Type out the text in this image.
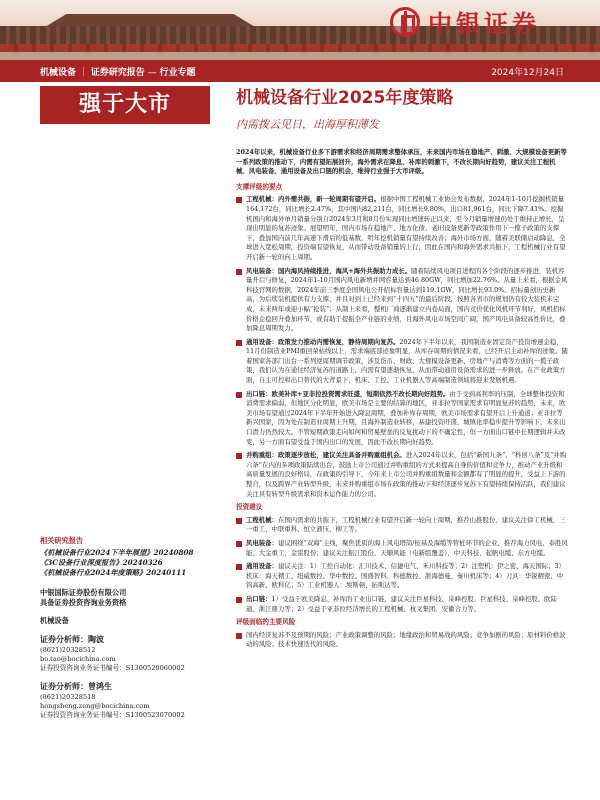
中银证券
机械设备 ｜ 证券研究报告 — 行业专题	2024年12月24日
强于大市	机械设备行业2025年度策略
内需拨云见日，出海厚积薄发

2024年以来，机械设备行业多下游需求和经济周期需求整体承压，未来国内市场在稳地产、刺激、大规模设备更新等一系列政策的推动下，内需有望拓展回升，海外需求在降息、补库的刺激下，不改长期向好趋势，建议关注工程机械、风电装备、通用设备及出口链的机会，维持行业强于大市评级。

支撑评级的要点

工程机械：内外需共振，新一轮周期有望开启。根据中国工程机械工业协会发布数据，2024年1-10月挖掘机销量164,172台，同比增长2.47%，其中国内82,211台，同比增长9.80%，出口81,961台，同比下降7.41%。挖掘机国内和海外单月销量分别自2024年3月和8月份实现同比增速转正以来，至今月销量增速仍处于维持正增长，呈现出明显的复苏迹象。展望明年，国内市场在稳地产、地方化债、老旧设备更新等政策作用下一揽子政策的支撑下，叠加国内前几年高速下滑后的低基数，明年挖机销量有望持续改善；海外市场方面，随着美联储启动降息，全球进入宽松周期，投资端有望恢复，从而带动设备销量的上行，因此在国内和海外需求共振下，工程机械行业有望开启新一轮的向上周期。

风电装备：国内海风持续推进，海风+海外共振助力成长。随着陆续风电项目进程的各个阶段的逐步推进，装机容量开启与修复，2024年1-10月国内风电新增并网容量达到46.80GW，同比增加22.76%。从量上来看，根据金风科技官网的数据，2024年前三季度全国风电公开招标容量达到119.1GW，同比增长93.0%。招标量创历史新高，为后续装机提供有力支撑，并且对到上已经来到“十四五”的最后阶段，按照各省市的规划仍有较大装机未完成，未来两年或迎小幅“抢装”；从制上来看，整机厂商逐渐建立内卷局面，国内竞价优化风机环节利好，风机招标价格企稳回升叠加环节，或有助于提振全产业链的业绩，且海外风电市场空间广阔，国产风电具备较高性价比，叠加降息周期发力。

通用设备：政策发力推动内需恢复，静待周期向复苏。2024年下半年以来，我国制造业固定资产投资增速企稳，11月份制造业PMI重回荣枯线以上，需求端底部迹象明显，从库存周期的情况来看，已经开启主动补库的迹象。随着国家各部门出台一系列逆周期调节政策，涉及货币、财政、大规模设备更新、房地产与消费等方面的一揽子政策，我们认为在通往经济复苏的道路上，内需有望逐渐恢复，从而带动通用设备需求的进一步释放。在产业政策方面，自主可控和出口替代的大背景下，机床、工控、工业机器人等高端制造领域将迎来发展机遇。

出口链：欧美补库+亚非拉投资需求旺盛，短期依然不改长期向好趋势。由于受到高利率的压制，全球整体投资和消费需求偏弱，但地区分化明显，欧美市场是主要的结算的地区，亚非拉等国家需求有明显复苏的趋势，未来，欧美市场有望通过2024年下半年开始进入降息周期，叠加补库存周期，欧美市场需求有望开启上升通道；亚非拉等新兴国家，因为处在制造业周期上升期，且海外制造业转移，基建投资旺盛，城镇化率稳步提升等影响下，未来出口潜力仍然较大。不管短期政策走向如何和贸易壁垒的反复扰动下的不确定性，但一方面出口链中长期逻辑并未改变，另一方面有望受益于国内出口的发展，因此不改长期向好趋势。

并购重组：政策逐步放松，建议关注具备并购重组机会。进入2024年以来，包括“新国九条”、“科创八条”及“并购六条”在内的多项政策陆续出台，鼓励上市公司通过并购重组的方式来提高自身的价值和竞争力，推动产业升级和高质量发展的良好格局，在政策的引导下，今年来上市公司并购重组数量和金额都有了明显的提升，受益上下游的整合，以及跨界产业转型升级，未来并购重组市场在政策的推动下和经济逐步复苏下有望持续保持活跃，我们建议关注具有转型升级需求和资本运作能力的公司。

投资建议

工程机械：在国内需求的共振下，工程机械行业有望开启新一轮向上周期，推荐山推股份，建议关注徐工机械、三一重工、中联重科、恒立液压、柳工等。

风电装备：建议围绕“双海”主线，聚焦优质的海上风电塔筒/桩基及海缆等管桩环节的企业，推荐海力风电、泰胜风能、大金重工，金雷股份；建议关注振江股份、天顺风能（电新组覆盖）、中天科技、起帆电缆、东方电缆。

通用设备：建议关注：1）工控自动化：汇川技术、信捷电气、禾川科技等；2）注塑机：伊之密、海天国际；3）机床：海天精工、纽威数控、华中数控、国盛智科、科德数控、浙海德曼、秦川机床等；4）刀具：华锐精密、中钨高新、欧科亿；5）工业机器人：埃斯顿、拓斯达等。

出口链：1）受益于欧美降息、补库的工业出口链，建议关注巨星科技、泉峰控股、巨星科技、泉峰控股、欧陆通、浙江鼎力等；2）受益于亚非拉经济增长的工程机械、杭叉集团、安徽合力等。

评级面临的主要风险

国内经济复苏不及预期的风险；产业政策调整的风险；地缘政治和贸易战的风险；竞争加剧的风险；原材料价格波动的风险；技术快速迭代的风险。

相关研究报告

《机械设备行业2024下半年展望》20240808

《3C设备行业深度报告》20240326

《机械设备行业2024年度策略》20240111

中银国际证券股份有限公司
具备证券投资咨询业务资格
机械设备
证券分析师：陶波

(8621)20328512

bo.tao@bocichina.com

证券投资咨询业务证书编号：S1300520060002

证券分析师：曾鸿生

(8621)20328518

hongsheng.zeng@bocichina.com

证券投资咨询业务证书编号：S1300523070002
